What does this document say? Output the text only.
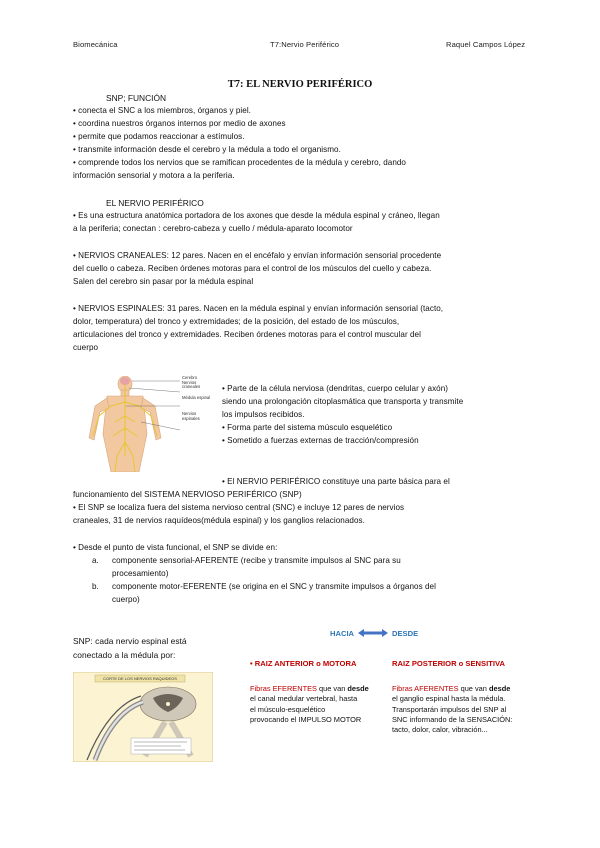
Biomecánica	T7:Nervio Periférico	Raquel Campos López
T7: EL NERVIO PERIFÉRICO
SNP; FUNCIÓN
• conecta el SNC a los miembros, órganos y piel.
• coordina nuestros órganos internos por medio de axones
• permite que podamos reaccionar a estímulos.
• transmite información desde el cerebro y la médula a todo el organismo.
• comprende todos los nervios que se ramifican procedentes de la médula y cerebro, dando
información sensorial y motora a la periferia.
EL NERVIO PERIFÉRICO
• Es una estructura anatómica portadora de los axones que desde la médula espinal y cráneo, llegan
a la periferia; conectan : cerebro-cabeza y cuello / médula-aparato locomotor
• NERVIOS CRANEALES: 12 pares. Nacen en el encéfalo y envían información sensorial procedente
del cuello o cabeza. Reciben órdenes motoras para el control de los músculos del cuello y cabeza.
Salen del cerebro sin pasar por la médula espinal
• NERVIOS ESPINALES: 31 pares. Nacen en la médula espinal y envían información sensorial (tacto,
dolor, temperatura) del tronco y extremidades; de la posición, del estado de los músculos,
articulaciones del tronco y extremidades. Reciben órdenes motoras para el control muscular del
cuerpo
Cerebro
Nervios craneales
Médula espinal
Nervios espinales
• Parte de la célula nerviosa (dendritas, cuerpo celular y axón)
siendo una prolongación citoplasmática que transporta y transmite
los impulsos recibidos.
• Forma parte del sistema músculo esquelético
• Sometido a fuerzas externas de tracción/compresión
• El NERVIO PERIFÉRICO constituye una parte básica para el
funcionamiento del SISTEMA NERVIOSO PERIFÉRICO (SNP)
• El SNP se localiza fuera del sistema nervioso central (SNC) e incluye 12 pares de nervios
craneales, 31 de nervios raquídeos(médula espinal) y los ganglios relacionados.
• Desde el punto de vista funcional, el SNP se divide en:
a. componente sensorial-AFERENTE (recibe y transmite impulsos al SNC para su
procesamiento)
b. componente motor-EFERENTE (se origina en el SNC y transmite impulsos a órganos del
cuerpo)
SNP: cada nervio espinal está
conectado a la médula por:
HACIA	DESDE
• RAIZ ANTERIOR o MOTORA	RAIZ POSTERIOR o SENSITIVA
Fibras EFERENTES que van desde
el canal medular vertebral, hasta
el músculo-esquelético
provocando el IMPULSO MOTOR
Fibras AFERENTES que van desde
el ganglio espinal hasta la médula.
Transportarán impulsos del SNP al
SNC informando de la SENSACIÓN:
tacto, dolor, calor, vibración...
CORTE DE LOS NERVIOS RAQUIDEOS
